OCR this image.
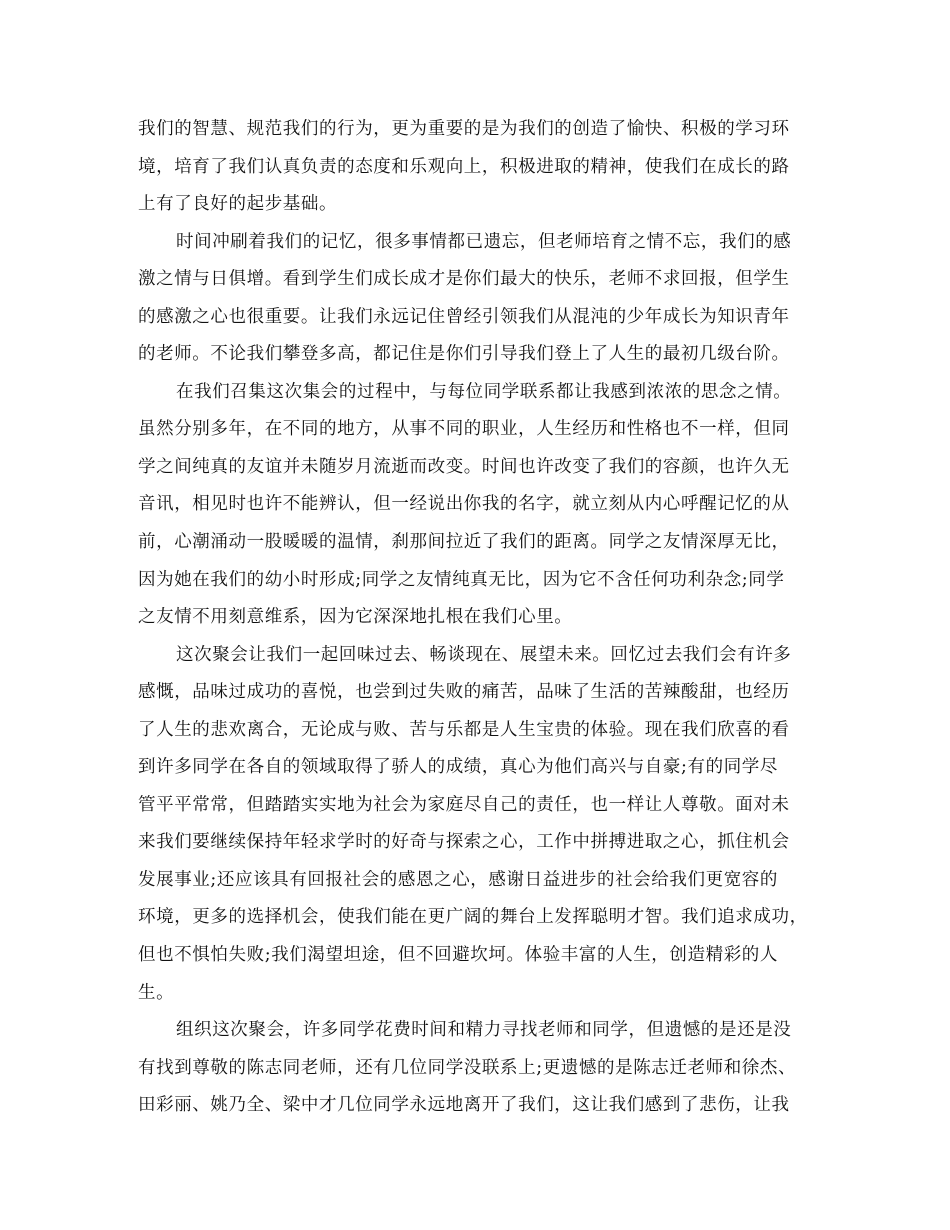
我们的智慧、规范我们的行为，更为重要的是为我们的创造了愉快、积极的学习环
境，培育了我们认真负责的态度和乐观向上，积极进取的精神，使我们在成长的路
上有了良好的起步基础。
时间冲刷着我们的记忆，很多事情都已遗忘，但老师培育之情不忘，我们的感
激之情与日俱增。看到学生们成长成才是你们最大的快乐，老师不求回报，但学生
的感激之心也很重要。让我们永远记住曾经引领我们从混沌的少年成长为知识青年
的老师。不论我们攀登多高，都记住是你们引导我们登上了人生的最初几级台阶。
在我们召集这次集会的过程中，与每位同学联系都让我感到浓浓的思念之情。
虽然分别多年，在不同的地方，从事不同的职业，人生经历和性格也不一样，但同
学之间纯真的友谊并未随岁月流逝而改变。时间也许改变了我们的容颜，也许久无
音讯，相见时也许不能辨认，但一经说出你我的名字，就立刻从内心呼醒记忆的从
前，心潮涌动一股暖暖的温情，刹那间拉近了我们的距离。同学之友情深厚无比，
因为她在我们的幼小时形成;同学之友情纯真无比，因为它不含任何功利杂念;同学
之友情不用刻意维系，因为它深深地扎根在我们心里。
这次聚会让我们一起回味过去、畅谈现在、展望未来。回忆过去我们会有许多
感慨，品味过成功的喜悦，也尝到过失败的痛苦，品味了生活的苦辣酸甜，也经历
了人生的悲欢离合，无论成与败、苦与乐都是人生宝贵的体验。现在我们欣喜的看
到许多同学在各自的领域取得了骄人的成绩，真心为他们高兴与自豪;有的同学尽
管平平常常，但踏踏实实地为社会为家庭尽自己的责任，也一样让人尊敬。面对未
来我们要继续保持年轻求学时的好奇与探索之心，工作中拼搏进取之心，抓住机会
发展事业;还应该具有回报社会的感恩之心，感谢日益进步的社会给我们更宽容的
环境，更多的选择机会，使我们能在更广阔的舞台上发挥聪明才智。我们追求成功，
但也不惧怕失败;我们渴望坦途，但不回避坎坷。体验丰富的人生，创造精彩的人
生。
组织这次聚会，许多同学花费时间和精力寻找老师和同学，但遗憾的是还是没
有找到尊敬的陈志同老师，还有几位同学没联系上;更遗憾的是陈志迁老师和徐杰、
田彩丽、姚乃全、梁中才几位同学永远地离开了我们，这让我们感到了悲伤，让我
